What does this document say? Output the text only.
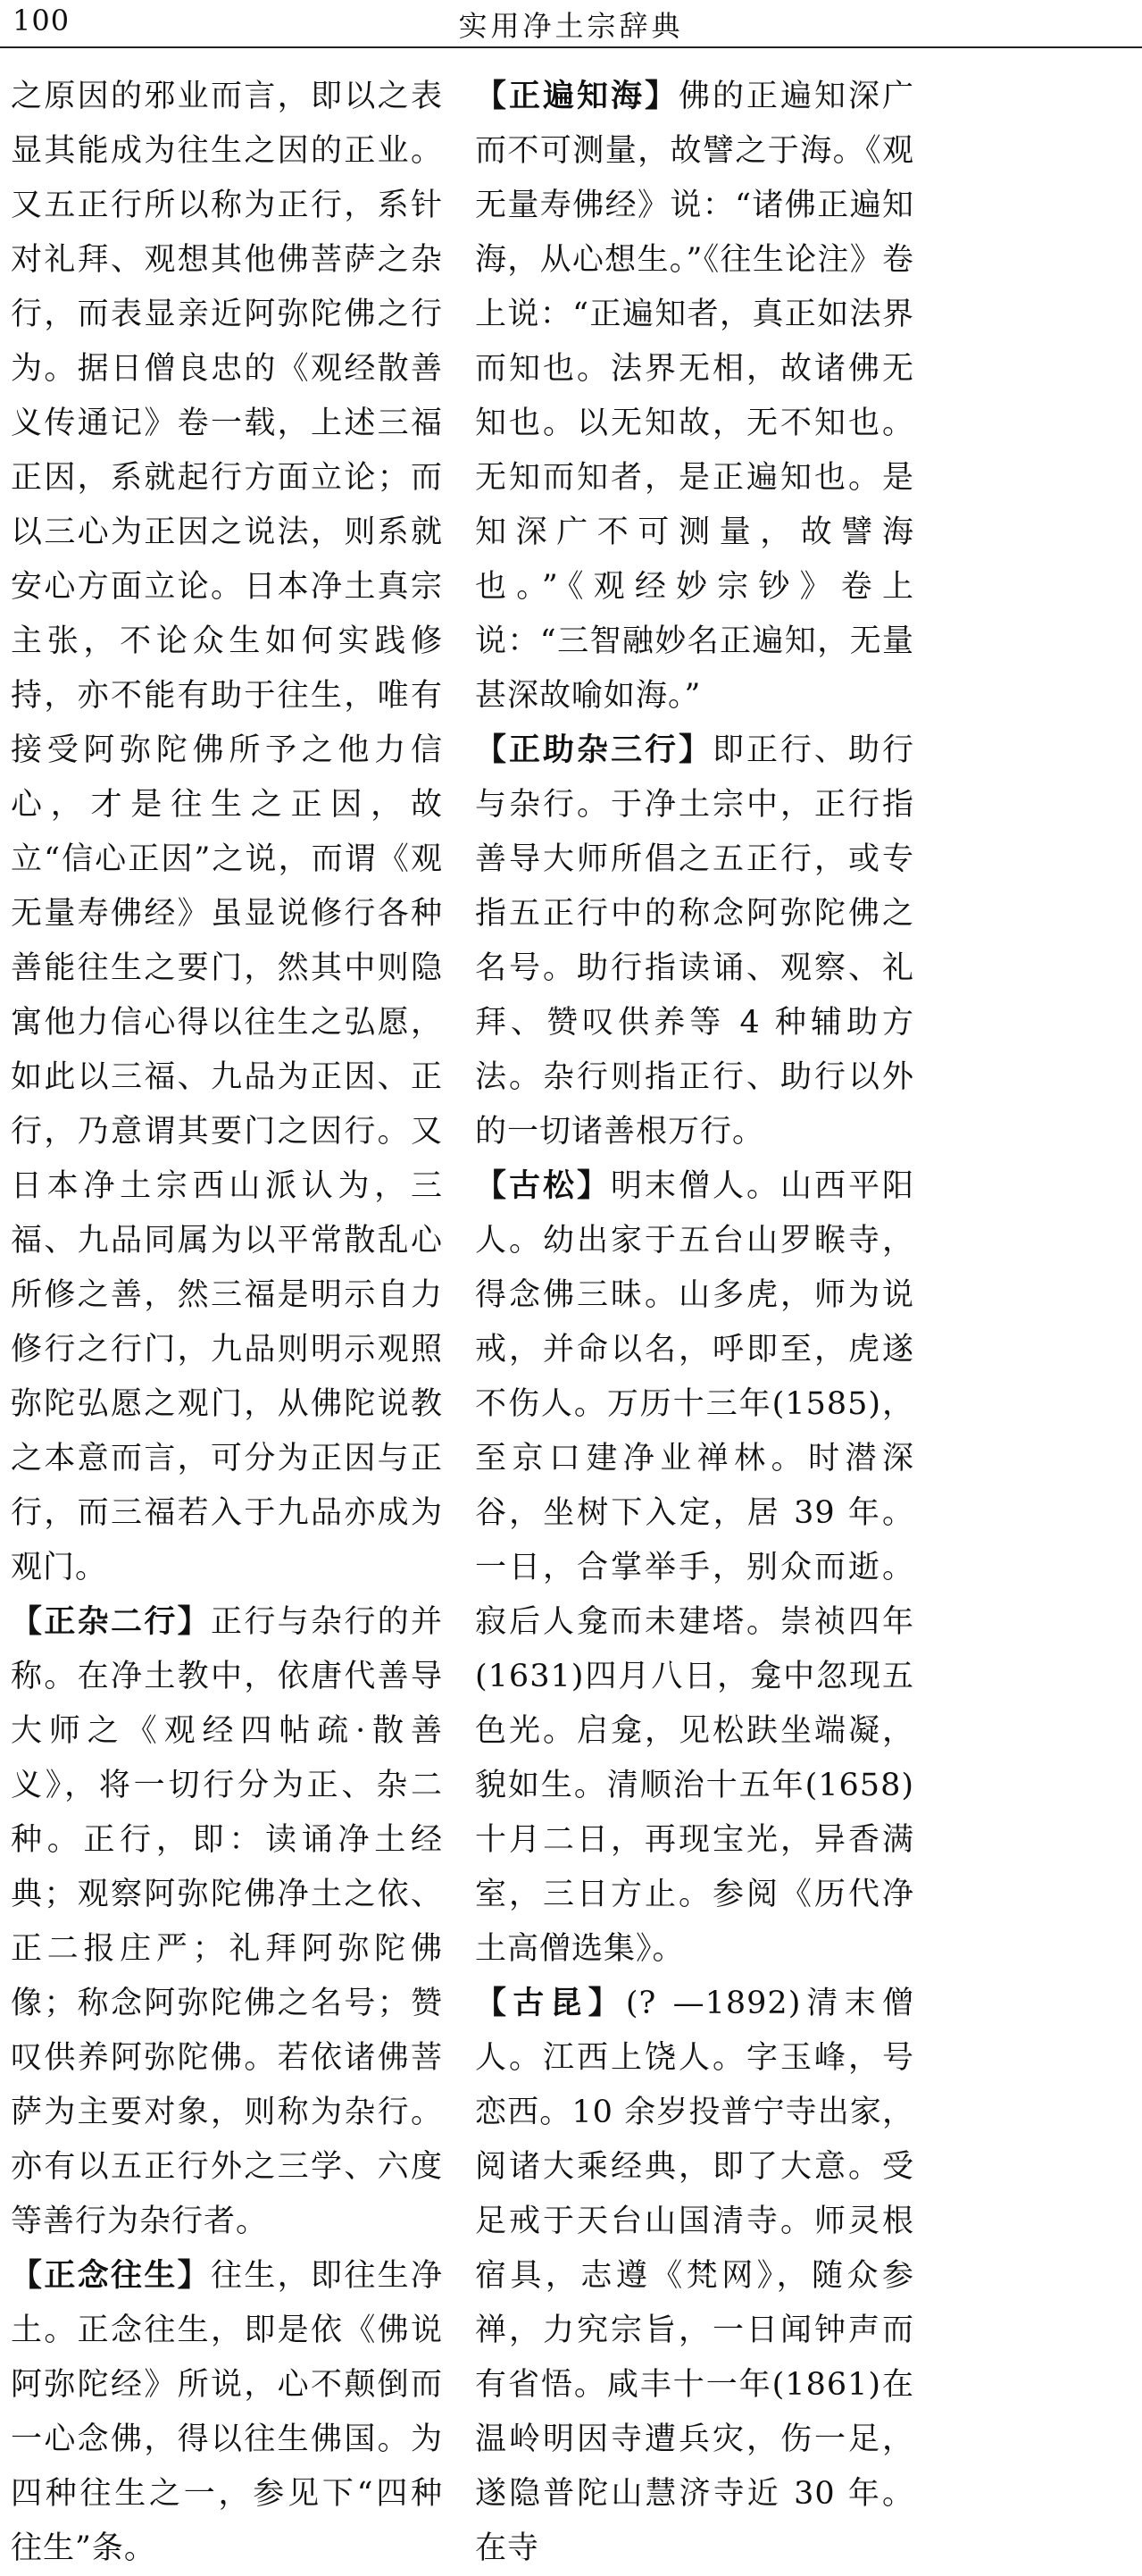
100	实用净土宗辞典

之原因的邪业而言，即以之表显其能成为往生之因的正业。又五正行所以称为正行，系针对礼拜、观想其他佛菩萨之杂行，而表显亲近阿弥陀佛之行为。据日僧良忠的《观经散善义传通记》卷一载，上述三福正因，系就起行方面立论；而以三心为正因之说法，则系就安心方面立论。日本净土真宗主张，不论众生如何实践修持，亦不能有助于往生，唯有接受阿弥陀佛所予之他力信心，才是往生之正因，故立“信心正因”之说，而谓《观无量寿佛经》虽显说修行各种善能往生之要门，然其中则隐寓他力信心得以往生之弘愿，如此以三福、九品为正因、正行，乃意谓其要门之因行。又日本净土宗西山派认为，三福、九品同属为以平常散乱心所修之善，然三福是明示自力修行之行门，九品则明示观照弥陀弘愿之观门，从佛陀说教之本意而言，可分为正因与正行，而三福若入于九品亦成为观门。

【正杂二行】正行与杂行的并称。在净土教中，依唐代善导大师之《观经四帖疏·散善义》，将一切行分为正、杂二种。正行，即：读诵净土经典；观察阿弥陀佛净土之依、正二报庄严；礼拜阿弥陀佛像；称念阿弥陀佛之名号；赞叹供养阿弥陀佛。若依诸佛菩萨为主要对象，则称为杂行。亦有以五正行外之三学、六度等善行为杂行者。

【正念往生】往生，即往生净土。正念往生，即是依《佛说阿弥陀经》所说，心不颠倒而一心念佛，得以往生佛国。为四种往生之一，参见下“四种往生”条。

【正遍知海】佛的正遍知深广而不可测量，故譬之于海。《观无量寿佛经》说：“诸佛正遍知海，从心想生。”《往生论注》卷上说：“正遍知者，真正如法界而知也。法界无相，故诸佛无知也。以无知故，无不知也。无知而知者，是正遍知也。是知深广不可测量，故譬海也。”《观经妙宗钞》卷上说：“三智融妙名正遍知，无量甚深故喻如海。”

【正助杂三行】即正行、助行与杂行。于净土宗中，正行指善导大师所倡之五正行，或专指五正行中的称念阿弥陀佛之名号。助行指读诵、观察、礼拜、赞叹供养等 4 种辅助方法。杂行则指正行、助行以外的一切诸善根万行。

【古松】明末僧人。山西平阳人。幼出家于五台山罗睺寺，得念佛三昧。山多虎，师为说戒，并命以名，呼即至，虎遂不伤人。万历十三年(1585)，至京口建净业禅林。时潜深谷，坐树下入定，居 39 年。一日，合掌举手，别众而逝。寂后人龛而未建塔。崇祯四年(1631)四月八日，龛中忽现五色光。启龛，见松趺坐端凝，貌如生。清顺治十五年(1658)十月二日，再现宝光，异香满室，三日方止。参阅《历代净土高僧选集》。

【古昆】(? —1892)清末僧人。江西上饶人。字玉峰，号恋西。10 余岁投普宁寺出家，阅诸大乘经典，即了大意。受足戒于天台山国清寺。师灵根宿具，志遵《梵网》，随众参禅，力究宗旨，一日闻钟声而有省悟。咸丰十一年(1861)在温岭明因寺遭兵灾，伤一足，遂隐普陀山慧济寺近 30 年。在寺
